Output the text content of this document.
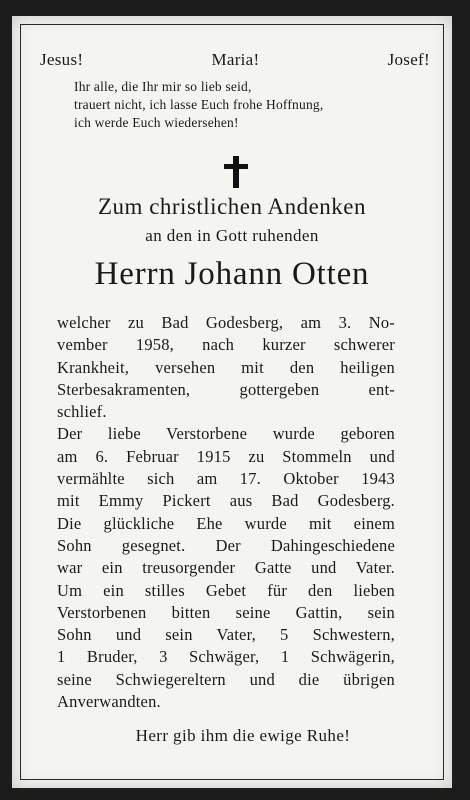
Jesus!	Maria!	Josef!
Ihr alle, die Ihr mir so lieb seid,
trauert nicht, ich lasse Euch frohe Hoffnung,
ich werde Euch wiedersehen!
Zum christlichen Andenken
an den in Gott ruhenden
Herrn Johann Otten
welcher zu Bad Godesberg, am 3. No-
vember 1958, nach kurzer schwerer
Krankheit, versehen mit den heiligen
Sterbesakramenten, gottergeben ent-
schlief.
Der liebe Verstorbene wurde geboren
am 6. Februar 1915 zu Stommeln und
vermählte sich am 17. Oktober 1943
mit Emmy Pickert aus Bad Godesberg.
Die glückliche Ehe wurde mit einem
Sohn gesegnet. Der Dahingeschiedene
war ein treusorgender Gatte und Vater.
Um ein stilles Gebet für den lieben
Verstorbenen bitten seine Gattin, sein
Sohn und sein Vater, 5 Schwestern,
1 Bruder, 3 Schwäger, 1 Schwägerin,
seine Schwiegereltern und die übrigen
Anverwandten.
Herr gib ihm die ewige Ruhe!
